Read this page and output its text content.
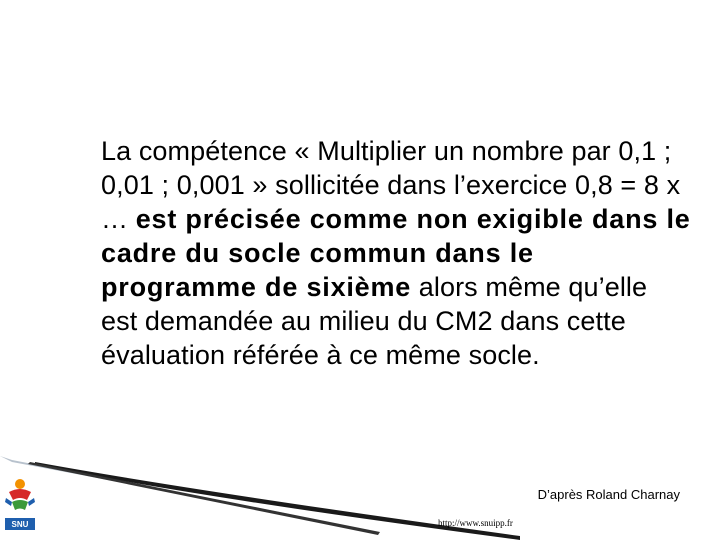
La compétence « Multiplier un nombre par 0,1 ; 0,01 ; 0,001 » sollicitée dans l’exercice 0,8 = 8 x … est précisée comme non exigible dans le cadre du socle commun dans le programme de sixième alors même qu’elle est demandée au milieu du CM2 dans cette évaluation référée à ce même socle.
SNU
D’après Roland Charnay
http://www.snuipp.fr
